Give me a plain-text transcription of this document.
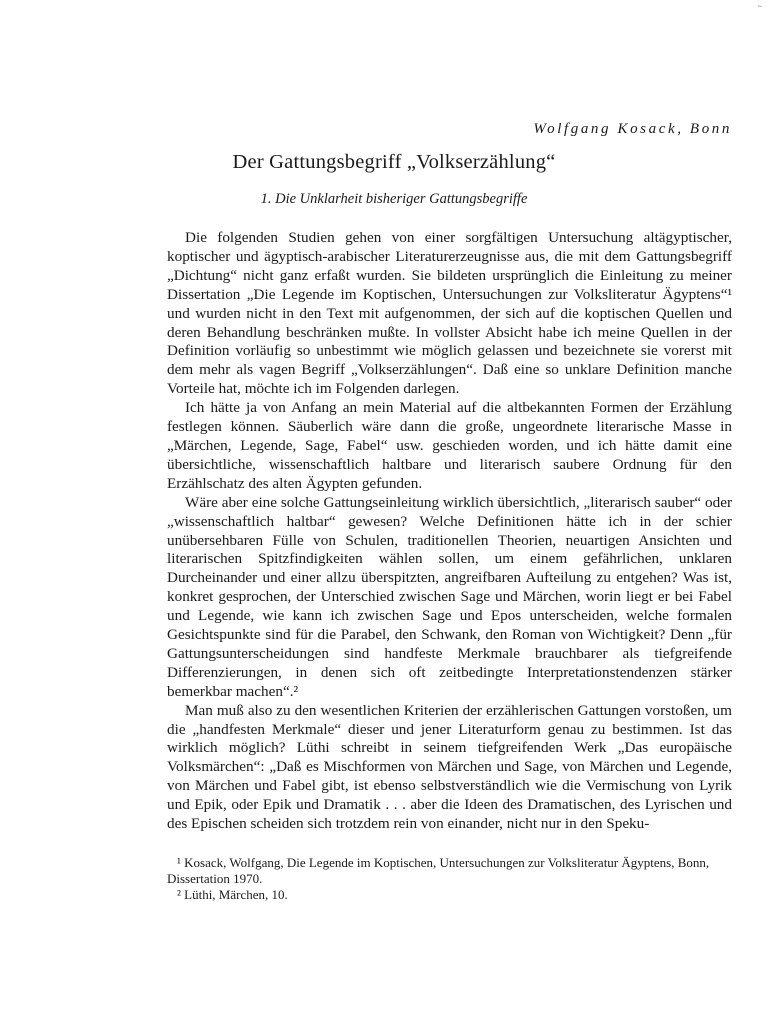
~
Wolfgang Kosack, Bonn
Der Gattungsbegriff „Volkserzählung“
1. Die Unklarheit bisheriger Gattungsbegriffe

Die folgenden Studien gehen von einer sorgfältigen Untersuchung altägyptischer, koptischer und ägyptisch-arabischer Literaturerzeugnisse aus, die mit dem Gattungsbegriff „Dichtung“ nicht ganz erfaßt wurden. Sie bildeten ursprünglich die Einleitung zu meiner Dissertation „Die Legende im Koptischen, Untersuchungen zur Volksliteratur Ägyptens“¹ und wurden nicht in den Text mit aufgenommen, der sich auf die koptischen Quellen und deren Behandlung beschränken mußte. In vollster Absicht habe ich meine Quellen in der Definition vorläufig so unbestimmt wie möglich gelassen und bezeichnete sie vorerst mit dem mehr als vagen Begriff „Volkserzählungen“. Daß eine so unklare Definition manche Vorteile hat, möchte ich im Folgenden darlegen.

Ich hätte ja von Anfang an mein Material auf die altbekannten Formen der Erzählung festlegen können. Säuberlich wäre dann die große, ungeordnete literarische Masse in „Märchen, Legende, Sage, Fabel“ usw. geschieden worden, und ich hätte damit eine übersichtliche, wissenschaftlich haltbare und literarisch saubere Ordnung für den Erzählschatz des alten Ägypten gefunden.

Wäre aber eine solche Gattungseinleitung wirklich übersichtlich, „literarisch sauber“ oder „wissenschaftlich haltbar“ gewesen? Welche Definitionen hätte ich in der schier unübersehbaren Fülle von Schulen, traditionellen Theorien, neuartigen Ansichten und literarischen Spitzfindigkeiten wählen sollen, um einem gefährlichen, unklaren Durcheinander und einer allzu überspitzten, angreifbaren Aufteilung zu entgehen? Was ist, konkret gesprochen, der Unterschied zwischen Sage und Märchen, worin liegt er bei Fabel und Legende, wie kann ich zwischen Sage und Epos unterscheiden, welche formalen Gesichtspunkte sind für die Parabel, den Schwank, den Roman von Wichtigkeit? Denn „für Gattungsunterscheidungen sind handfeste Merkmale brauchbarer als tiefgreifende Differenzierungen, in denen sich oft zeitbedingte Interpretationstendenzen stärker bemerkbar machen“.²

Man muß also zu den wesentlichen Kriterien der erzählerischen Gattungen vorstoßen, um die „handfesten Merkmale“ dieser und jener Literaturform genau zu bestimmen. Ist das wirklich möglich? Lüthi schreibt in seinem tiefgreifenden Werk „Das europäische Volksmärchen“: „Daß es Mischformen von Märchen und Sage, von Märchen und Legende, von Märchen und Fabel gibt, ist ebenso selbstverständlich wie die Vermischung von Lyrik und Epik, oder Epik und Dramatik . . . aber die Ideen des Dramatischen, des Lyrischen und des Epischen scheiden sich trotzdem rein von einander, nicht nur in den Speku-

¹ Kosack, Wolfgang, Die Legende im Koptischen, Untersuchungen zur Volksliteratur Ägyptens, Bonn, Dissertation 1970.

² Lüthi, Märchen, 10.
